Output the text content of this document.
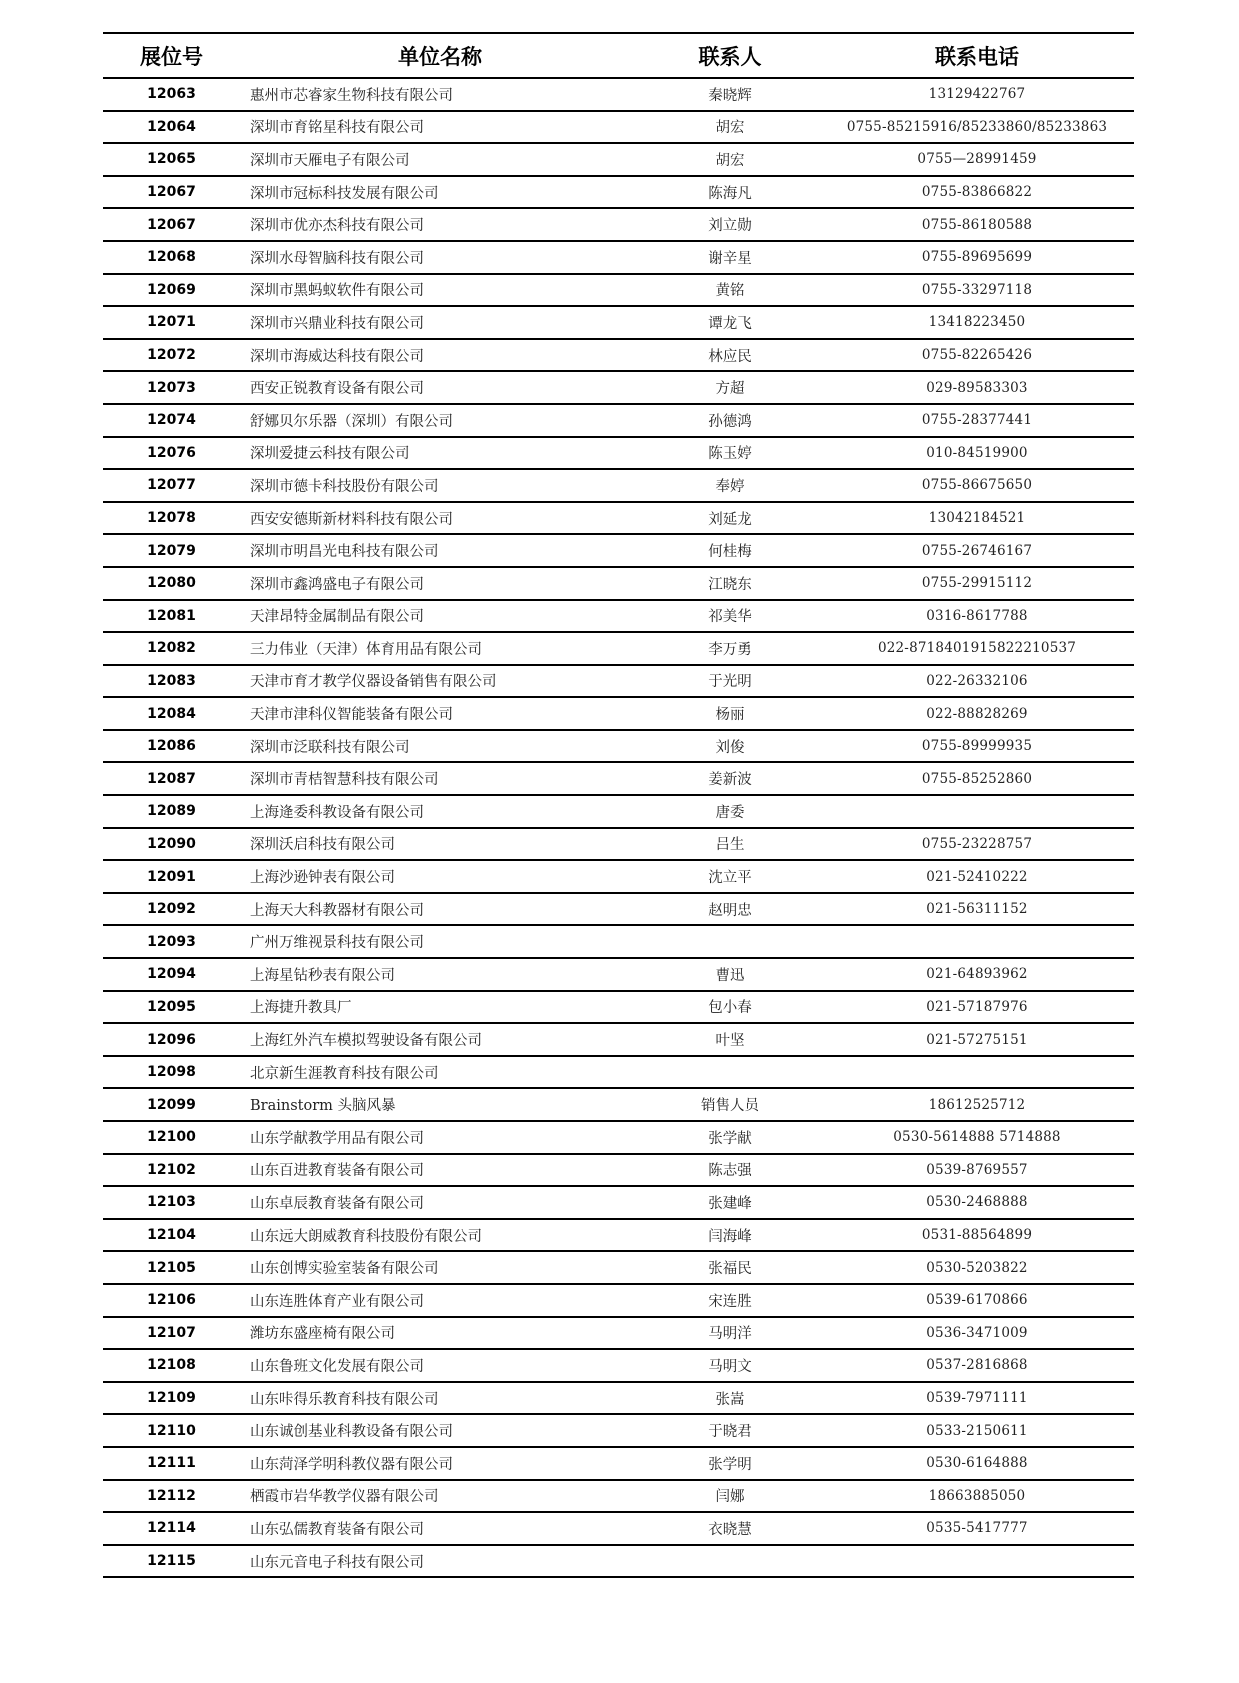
展位号	单位名称	联系人	联系电话
12063	惠州市芯睿家生物科技有限公司	秦晓辉	13129422767
12064	深圳市育铭星科技有限公司	胡宏	0755-85215916/85233860/85233863
12065	深圳市天雁电子有限公司	胡宏	0755—28991459
12067	深圳市冠标科技发展有限公司	陈海凡	0755-83866822
12067	深圳市优亦杰科技有限公司	刘立勋	0755-86180588
12068	深圳水母智脑科技有限公司	谢辛星	0755-89695699
12069	深圳市黑蚂蚁软件有限公司	黄铭	0755-33297118
12071	深圳市兴鼎业科技有限公司	谭龙飞	13418223450
12072	深圳市海威达科技有限公司	林应民	0755-82265426
12073	西安正锐教育设备有限公司	方超	029-89583303
12074	舒娜贝尔乐器（深圳）有限公司	孙德鸿	0755-28377441
12076	深圳爱捷云科技有限公司	陈玉婷	010-84519900
12077	深圳市德卡科技股份有限公司	奉婷	0755-86675650
12078	西安安德斯新材料科技有限公司	刘延龙	13042184521
12079	深圳市明昌光电科技有限公司	何桂梅	0755-26746167
12080	深圳市鑫鸿盛电子有限公司	江晓东	0755-29915112
12081	天津昂特金属制品有限公司	祁美华	0316-8617788
12082	三力伟业（天津）体育用品有限公司	李万勇	022-8718401915822210537
12083	天津市育才教学仪器设备销售有限公司	于光明	022-26332106
12084	天津市津科仪智能装备有限公司	杨丽	022-88828269
12086	深圳市泛联科技有限公司	刘俊	0755-89999935
12087	深圳市青桔智慧科技有限公司	姜新波	0755-85252860
12089	上海逄委科教设备有限公司	唐委
12090	深圳沃启科技有限公司	吕生	0755-23228757
12091	上海沙逊钟表有限公司	沈立平	021-52410222
12092	上海天大科教器材有限公司	赵明忠	021-56311152
12093	广州万维视景科技有限公司
12094	上海星钻秒表有限公司	曹迅	021-64893962
12095	上海捷升教具厂	包小春	021-57187976
12096	上海红外汽车模拟驾驶设备有限公司	叶坚	021-57275151
12098	北京新生涯教育科技有限公司
12099	Brainstorm 头脑风暴	销售人员	18612525712
12100	山东学献教学用品有限公司	张学献	0530-5614888 5714888
12102	山东百进教育装备有限公司	陈志强	0539-8769557
12103	山东卓辰教育装备有限公司	张建峰	0530-2468888
12104	山东远大朗威教育科技股份有限公司	闫海峰	0531-88564899
12105	山东创博实验室装备有限公司	张福民	0530-5203822
12106	山东连胜体育产业有限公司	宋连胜	0539-6170866
12107	潍坊东盛座椅有限公司	马明洋	0536-3471009
12108	山东鲁班文化发展有限公司	马明文	0537-2816868
12109	山东咔得乐教育科技有限公司	张嵩	0539-7971111
12110	山东诚创基业科教设备有限公司	于晓君	0533-2150611
12111	山东菏泽学明科教仪器有限公司	张学明	0530-6164888
12112	栖霞市岩华教学仪器有限公司	闫娜	18663885050
12114	山东弘儒教育装备有限公司	衣晓慧	0535-5417777
12115	山东元音电子科技有限公司
